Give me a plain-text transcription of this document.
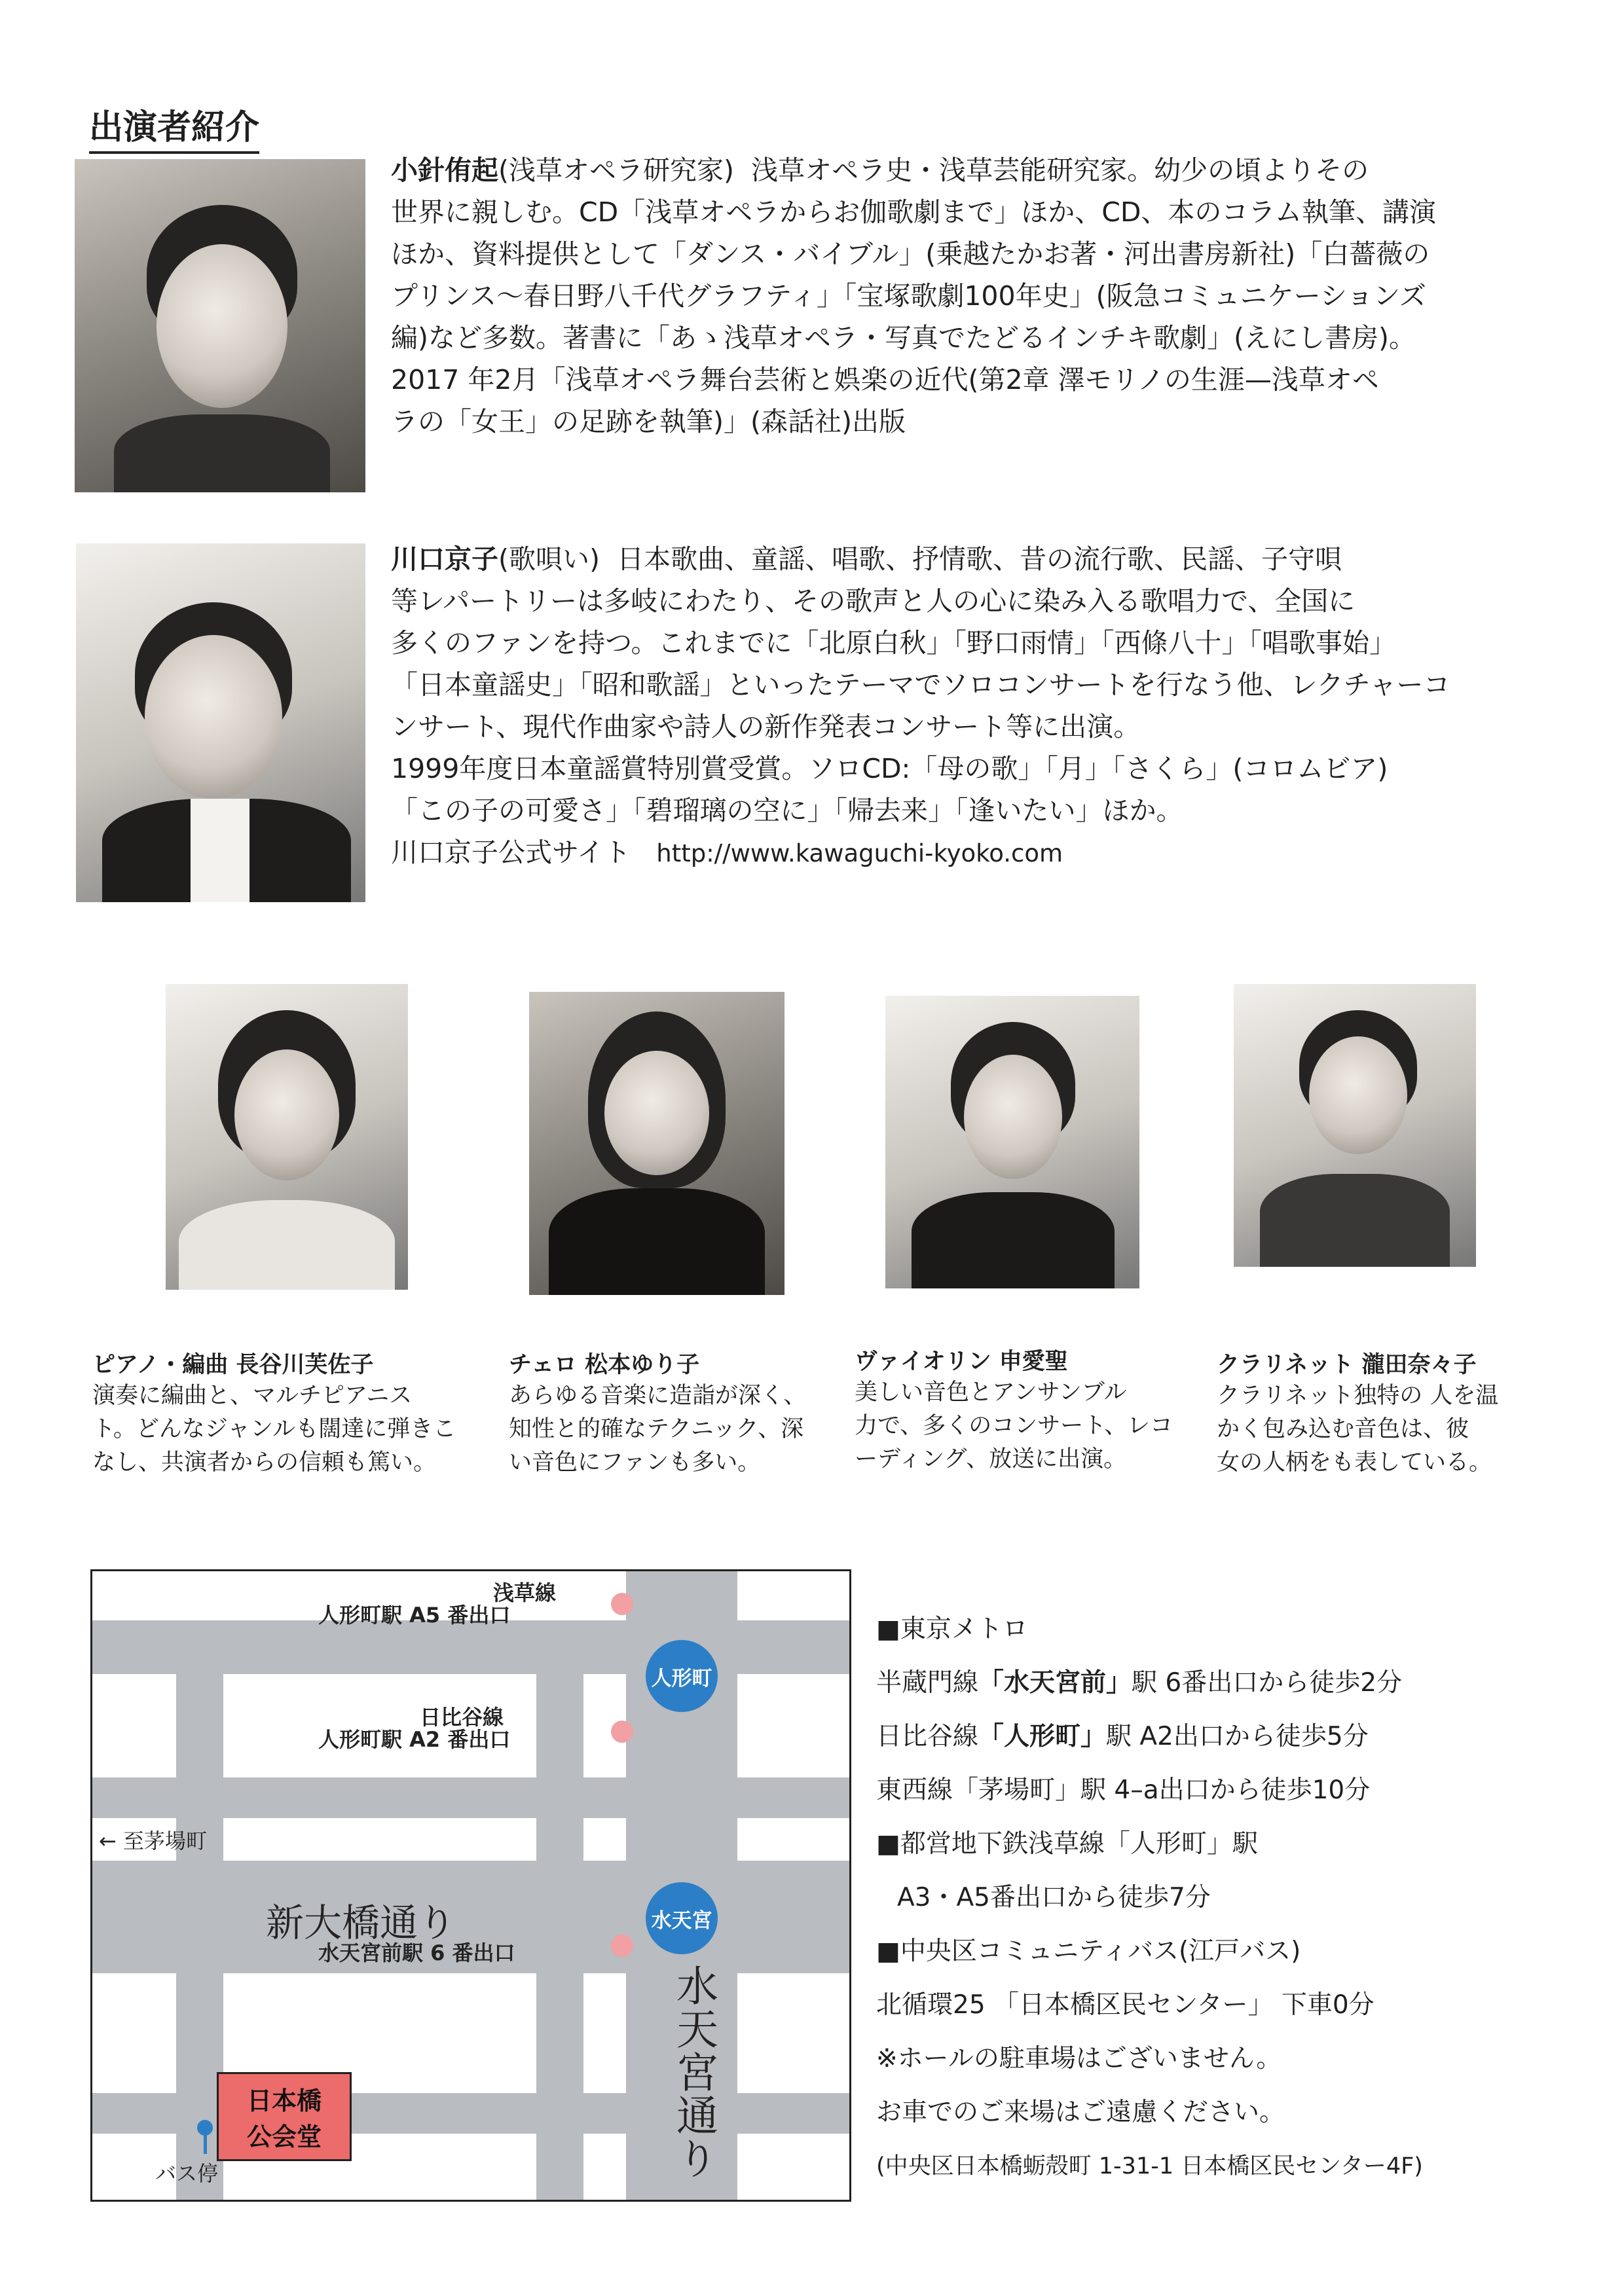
出演者紹介
小針侑起(浅草オペラ研究家) 浅草オペラ史・浅草芸能研究家。幼少の頃よりその
世界に親しむ。CD「浅草オペラからお伽歌劇まで」ほか、CD、本のコラム執筆、講演
ほか、資料提供として「ダンス・バイブル」(乗越たかお著・河出書房新社)「白薔薇の
プリンス～春日野八千代グラフティ」「宝塚歌劇100年史」(阪急コミュニケーションズ
編)など多数。著書に「あゝ浅草オペラ・写真でたどるインチキ歌劇」(えにし書房)。
2017 年2月「浅草オペラ舞台芸術と娯楽の近代(第2章 澤モリノの生涯—浅草オペ
ラの「女王」の足跡を執筆)」(森話社)出版
川口京子(歌唄い) 日本歌曲、童謡、唱歌、抒情歌、昔の流行歌、民謡、子守唄
等レパートリーは多岐にわたり、その歌声と人の心に染み入る歌唱力で、全国に
多くのファンを持つ。これまでに「北原白秋」「野口雨情」「西條八十」「唱歌事始」
「日本童謡史」「昭和歌謡」といったテーマでソロコンサートを行なう他、レクチャーコ
ンサート、現代作曲家や詩人の新作発表コンサート等に出演。
1999年度日本童謡賞特別賞受賞。ソロCD:「母の歌」「月」「さくら」(コロムビア)
「この子の可愛さ」「碧瑠璃の空に」「帰去来」「逢いたい」ほか。
川口京子公式サイト http://www.kawaguchi-kyoko.com
ピアノ・編曲 長谷川芙佐子
演奏に編曲と、マルチピアニス
ト。どんなジャンルも闊達に弾きこ
なし、共演者からの信頼も篤い。
チェロ 松本ゆり子
あらゆる音楽に造詣が深く、
知性と的確なテクニック、深
い音色にファンも多い。
ヴァイオリン 申愛聖
美しい音色とアンサンブル
力で、多くのコンサート、レコ
ーディング、放送に出演。
クラリネット 瀧田奈々子
クラリネット独特の 人を温
かく包み込む音色は、彼
女の人柄をも表している。
浅草線
人形町駅 A5 番出口
人形町
日比谷線
人形町駅 A2 番出口
← 至茅場町
新大橋通り	水天宮
水天宮前駅 6 番出口
水天宮通り
日本橋
公会堂
バス停
■東京メトロ
半蔵門線「水天宮前」駅 6番出口から徒歩2分
日比谷線「人形町」駅 A2出口から徒歩5分
東西線「茅場町」駅 4–a出口から徒歩10分
■都営地下鉄浅草線「人形町」駅
A3・A5番出口から徒歩7分
■中央区コミュニティバス(江戸バス)
北循環25 「日本橋区民センター」 下車0分
※ホールの駐車場はございません。
お車でのご来場はご遠慮ください。
(中央区日本橋蛎殻町 1-31-1 日本橋区民センター4F)
